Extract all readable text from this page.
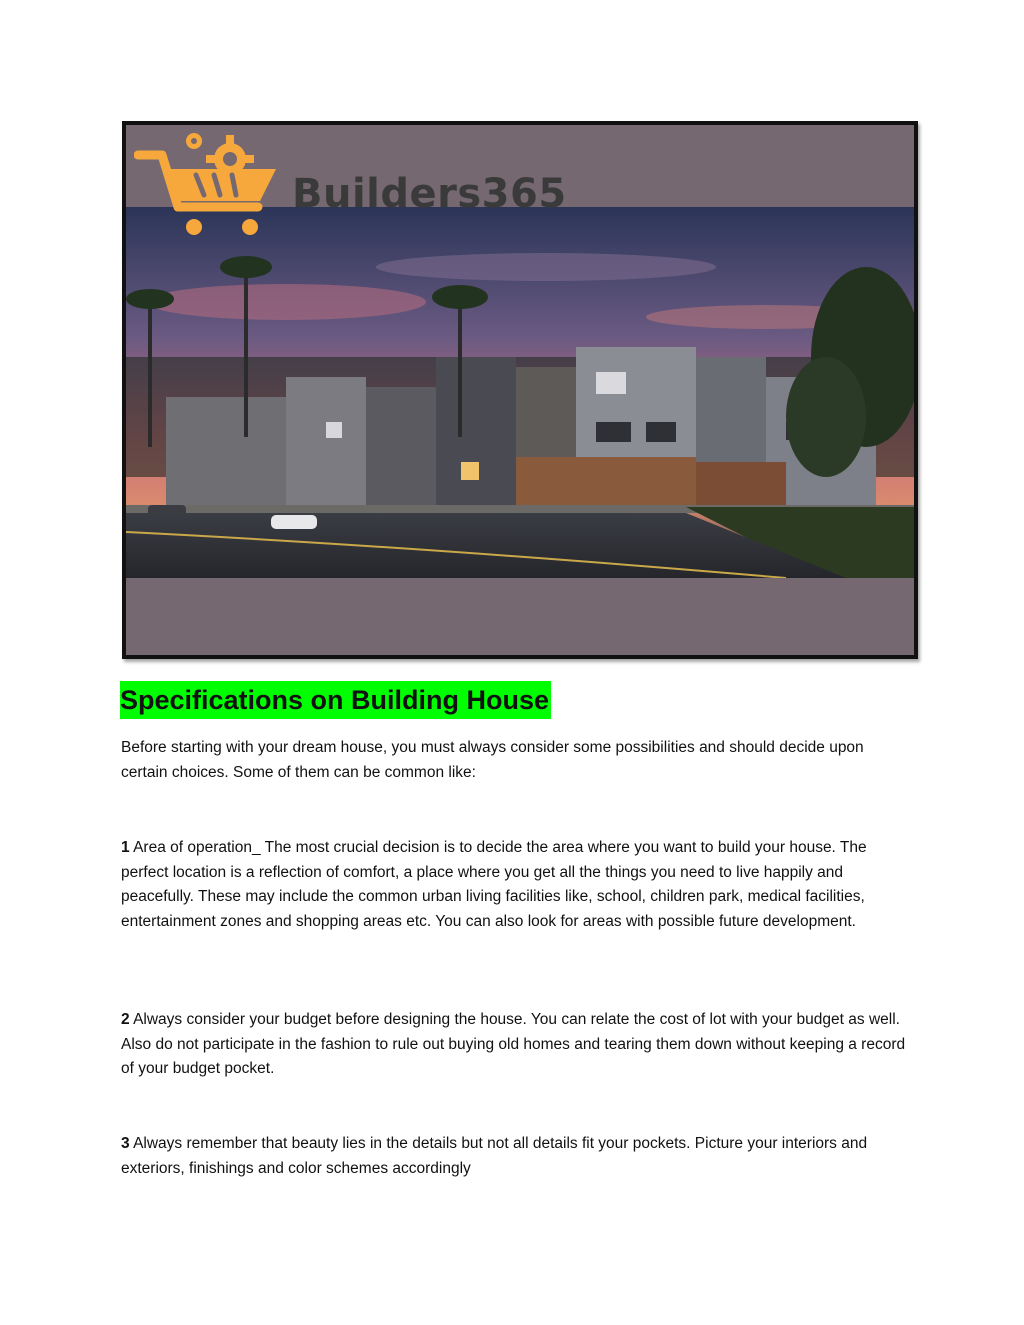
Builders365
Specifications on Building House

Before starting with your dream house, you must always consider some possibilities and should decide upon certain choices. Some of them can be common like:

1 Area of operation_ The most crucial decision is to decide the area where you want to build your house. The perfect location is a reflection of comfort, a place where you get all the things you need to live happily and peacefully. These may include the common urban living facilities like, school, children park, medical facilities, entertainment zones and shopping areas etc. You can also look for areas with possible future development.

2 Always consider your budget before designing the house. You can relate the cost of lot with your budget as well. Also do not participate in the fashion to rule out buying old homes and tearing them down without keeping a record of your budget pocket.

3 Always remember that beauty lies in the details but not all details fit your pockets. Picture your interiors and exteriors, finishings and color schemes accordingly
